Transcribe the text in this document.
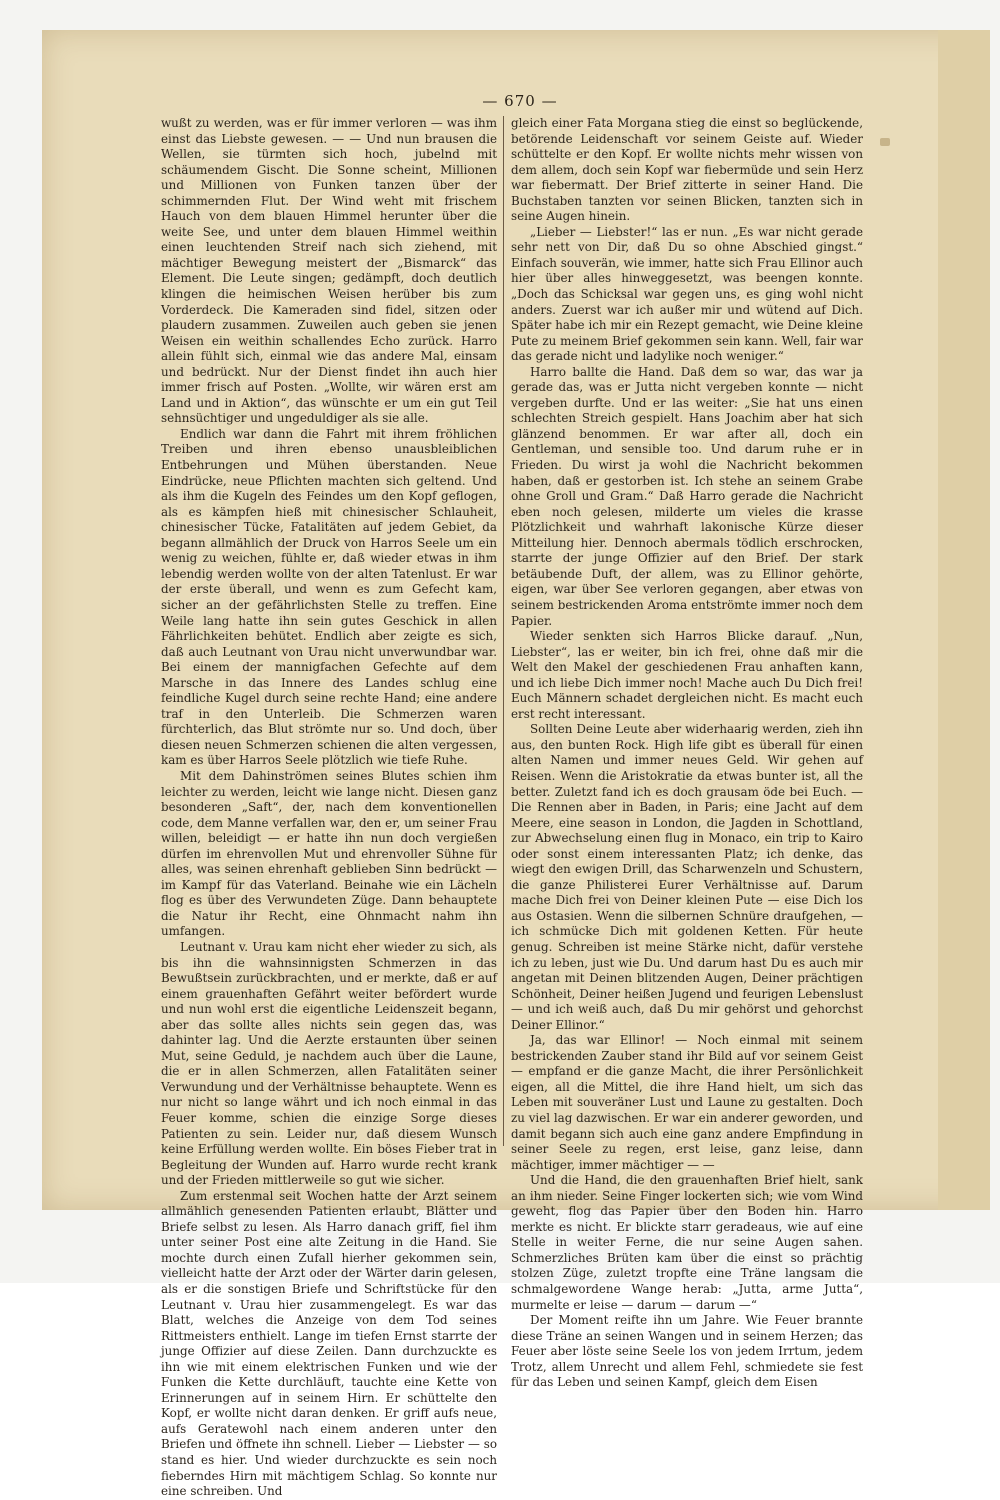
— 670 —

wußt zu werden, was er für immer verloren — was ihm einst das Liebste gewesen. — — Und nun brausen die Wellen, sie türmten sich hoch, jubelnd mit schäumendem Gischt. Die Sonne scheint, Millionen und Millionen von Funken tanzen über der schimmernden Flut. Der Wind weht mit frischem Hauch von dem blauen Himmel herunter über die weite See, und unter dem blauen Himmel weithin einen leuchtenden Streif nach sich ziehend, mit mächtiger Bewegung meistert der „Bismarck“ das Element. Die Leute singen; gedämpft, doch deutlich klingen die heimischen Weisen herüber bis zum Vorderdeck. Die Kameraden sind fidel, sitzen oder plaudern zusammen. Zuweilen auch geben sie jenen Weisen ein weithin schallendes Echo zurück. Harro allein fühlt sich, einmal wie das andere Mal, einsam und bedrückt. Nur der Dienst findet ihn auch hier immer frisch auf Posten. „Wollte, wir wären erst am Land und in Aktion“, das wünschte er um ein gut Teil sehnsüchtiger und ungeduldiger als sie alle.

Endlich war dann die Fahrt mit ihrem fröhlichen Treiben und ihren ebenso unausbleiblichen Entbehrungen und Mühen überstanden. Neue Eindrücke, neue Pflichten machten sich geltend. Und als ihm die Kugeln des Feindes um den Kopf geflogen, als es kämpfen hieß mit chinesischer Schlauheit, chinesischer Tücke, Fatalitäten auf jedem Gebiet, da begann allmählich der Druck von Harros Seele um ein wenig zu weichen, fühlte er, daß wieder etwas in ihm lebendig werden wollte von der alten Tatenlust. Er war der erste überall, und wenn es zum Gefecht kam, sicher an der gefährlichsten Stelle zu treffen. Eine Weile lang hatte ihn sein gutes Geschick in allen Fährlichkeiten behütet. Endlich aber zeigte es sich, daß auch Leutnant von Urau nicht unverwundbar war. Bei einem der mannigfachen Gefechte auf dem Marsche in das Innere des Landes schlug eine feindliche Kugel durch seine rechte Hand; eine andere traf in den Unterleib. Die Schmerzen waren fürchterlich, das Blut strömte nur so. Und doch, über diesen neuen Schmerzen schienen die alten vergessen, kam es über Harros Seele plötzlich wie tiefe Ruhe.

Mit dem Dahinströmen seines Blutes schien ihm leichter zu werden, leicht wie lange nicht. Diesen ganz besonderen „Saft“, der, nach dem konventionellen code, dem Manne verfallen war, den er, um seiner Frau willen, beleidigt — er hatte ihn nun doch vergießen dürfen im ehrenvollen Mut und ehrenvoller Sühne für alles, was seinen ehrenhaft geblieben Sinn bedrückt — im Kampf für das Vaterland. Beinahe wie ein Lächeln flog es über des Verwundeten Züge. Dann behauptete die Natur ihr Recht, eine Ohnmacht nahm ihn umfangen.

Leutnant v. Urau kam nicht eher wieder zu sich, als bis ihn die wahnsinnigsten Schmerzen in das Bewußtsein zurückbrachten, und er merkte, daß er auf einem grauenhaften Gefährt weiter befördert wurde und nun wohl erst die eigentliche Leidenszeit begann, aber das sollte alles nichts sein gegen das, was dahinter lag. Und die Aerzte erstaunten über seinen Mut, seine Geduld, je nachdem auch über die Laune, die er in allen Schmerzen, allen Fatalitäten seiner Verwundung und der Verhältnisse behauptete. Wenn es nur nicht so lange währt und ich noch einmal in das Feuer komme, schien die einzige Sorge dieses Patienten zu sein. Leider nur, daß diesem Wunsch keine Erfüllung werden wollte. Ein böses Fieber trat in Begleitung der Wunden auf. Harro wurde recht krank und der Frieden mittlerweile so gut wie sicher.

Zum erstenmal seit Wochen hatte der Arzt seinem allmählich genesenden Patienten erlaubt, Blätter und Briefe selbst zu lesen. Als Harro danach griff, fiel ihm unter seiner Post eine alte Zeitung in die Hand. Sie mochte durch einen Zufall hierher gekommen sein, vielleicht hatte der Arzt oder der Wärter darin gelesen, als er die sonstigen Briefe und Schriftstücke für den Leutnant v. Urau hier zusammengelegt. Es war das Blatt, welches die Anzeige von dem Tod seines Rittmeisters enthielt. Lange im tiefen Ernst starrte der junge Offizier auf diese Zeilen. Dann durchzuckte es ihn wie mit einem elektrischen Funken und wie der Funken die Kette durchläuft, tauchte eine Kette von Erinnerungen auf in seinem Hirn. Er schüttelte den Kopf, er wollte nicht daran denken. Er griff aufs neue, aufs Geratewohl nach einem anderen unter den Briefen und öffnete ihn schnell. Lieber — Liebster — so stand es hier. Und wieder durchzuckte es sein noch fieberndes Hirn mit mächtigem Schlag. So konnte nur eine schreiben. Und

gleich einer Fata Morgana stieg die einst so beglückende, betörende Leidenschaft vor seinem Geiste auf. Wieder schüttelte er den Kopf. Er wollte nichts mehr wissen von dem allem, doch sein Kopf war fiebermüde und sein Herz war fiebermatt. Der Brief zitterte in seiner Hand. Die Buchstaben tanzten vor seinen Blicken, tanzten sich in seine Augen hinein.

„Lieber — Liebster!“ las er nun. „Es war nicht gerade sehr nett von Dir, daß Du so ohne Abschied gingst.“ Einfach souverän, wie immer, hatte sich Frau Ellinor auch hier über alles hinweggesetzt, was beengen konnte. „Doch das Schicksal war gegen uns, es ging wohl nicht anders. Zuerst war ich außer mir und wütend auf Dich. Später habe ich mir ein Rezept gemacht, wie Deine kleine Pute zu meinem Brief gekommen sein kann. Well, fair war das gerade nicht und ladylike noch weniger.“

Harro ballte die Hand. Daß dem so war, das war ja gerade das, was er Jutta nicht vergeben konnte — nicht vergeben durfte. Und er las weiter: „Sie hat uns einen schlechten Streich gespielt. Hans Joachim aber hat sich glänzend benommen. Er war after all, doch ein Gentleman, und sensible too. Und darum ruhe er in Frieden. Du wirst ja wohl die Nachricht bekommen haben, daß er gestorben ist. Ich stehe an seinem Grabe ohne Groll und Gram.“ Daß Harro gerade die Nachricht eben noch gelesen, milderte um vieles die krasse Plötzlichkeit und wahrhaft lakonische Kürze dieser Mitteilung hier. Dennoch abermals tödlich erschrocken, starrte der junge Offizier auf den Brief. Der stark betäubende Duft, der allem, was zu Ellinor gehörte, eigen, war über See verloren gegangen, aber etwas von seinem bestrickenden Aroma entströmte immer noch dem Papier.

Wieder senkten sich Harros Blicke darauf. „Nun, Liebster“, las er weiter, bin ich frei, ohne daß mir die Welt den Makel der geschiedenen Frau anhaften kann, und ich liebe Dich immer noch! Mache auch Du Dich frei! Euch Männern schadet dergleichen nicht. Es macht euch erst recht interessant.

Sollten Deine Leute aber widerhaarig werden, zieh ihn aus, den bunten Rock. High life gibt es überall für einen alten Namen und immer neues Geld. Wir gehen auf Reisen. Wenn die Aristokratie da etwas bunter ist, all the better. Zuletzt fand ich es doch grausam öde bei Euch. — Die Rennen aber in Baden, in Paris; eine Jacht auf dem Meere, eine season in London, die Jagden in Schottland, zur Abwechselung einen flug in Monaco, ein trip to Kairo oder sonst einem interessanten Platz; ich denke, das wiegt den ewigen Drill, das Scharwenzeln und Schustern, die ganze Philisterei Eurer Verhältnisse auf. Darum mache Dich frei von Deiner kleinen Pute — eise Dich los aus Ostasien. Wenn die silbernen Schnüre draufgehen, — ich schmücke Dich mit goldenen Ketten. Für heute genug. Schreiben ist meine Stärke nicht, dafür verstehe ich zu leben, just wie Du. Und darum hast Du es auch mir angetan mit Deinen blitzenden Augen, Deiner prächtigen Schönheit, Deiner heißen Jugend und feurigen Lebenslust — und ich weiß auch, daß Du mir gehörst und gehorchst Deiner Ellinor.“

Ja, das war Ellinor! — Noch einmal mit seinem bestrickenden Zauber stand ihr Bild auf vor seinem Geist — empfand er die ganze Macht, die ihrer Persönlichkeit eigen, all die Mittel, die ihre Hand hielt, um sich das Leben mit souveräner Lust und Laune zu gestalten. Doch zu viel lag dazwischen. Er war ein anderer geworden, und damit begann sich auch eine ganz andere Empfindung in seiner Seele zu regen, erst leise, ganz leise, dann mächtiger, immer mächtiger — —

Und die Hand, die den grauenhaften Brief hielt, sank an ihm nieder. Seine Finger lockerten sich; wie vom Wind geweht, flog das Papier über den Boden hin. Harro merkte es nicht. Er blickte starr geradeaus, wie auf eine Stelle in weiter Ferne, die nur seine Augen sahen. Schmerzliches Brüten kam über die einst so prächtig stolzen Züge, zuletzt tropfte eine Träne langsam die schmalgewordene Wange herab: „Jutta, arme Jutta“, murmelte er leise — darum — darum —“

Der Moment reifte ihn um Jahre. Wie Feuer brannte diese Träne an seinen Wangen und in seinem Herzen; das Feuer aber löste seine Seele los von jedem Irrtum, jedem Trotz, allem Unrecht und allem Fehl, schmiedete sie fest für das Leben und seinen Kampf, gleich dem Eisen
